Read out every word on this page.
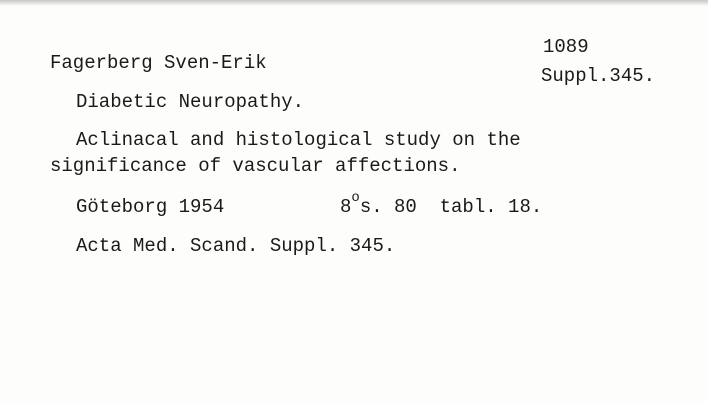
1089
Suppl.345.
Fagerberg Sven-Erik
Diabetic Neuropathy.
Aclinacal and histological study on the
significance of vascular affections.
Göteborg 1954	8$^o$s. 80  tabl. 18.
Acta Med. Scand. Suppl. 345.
